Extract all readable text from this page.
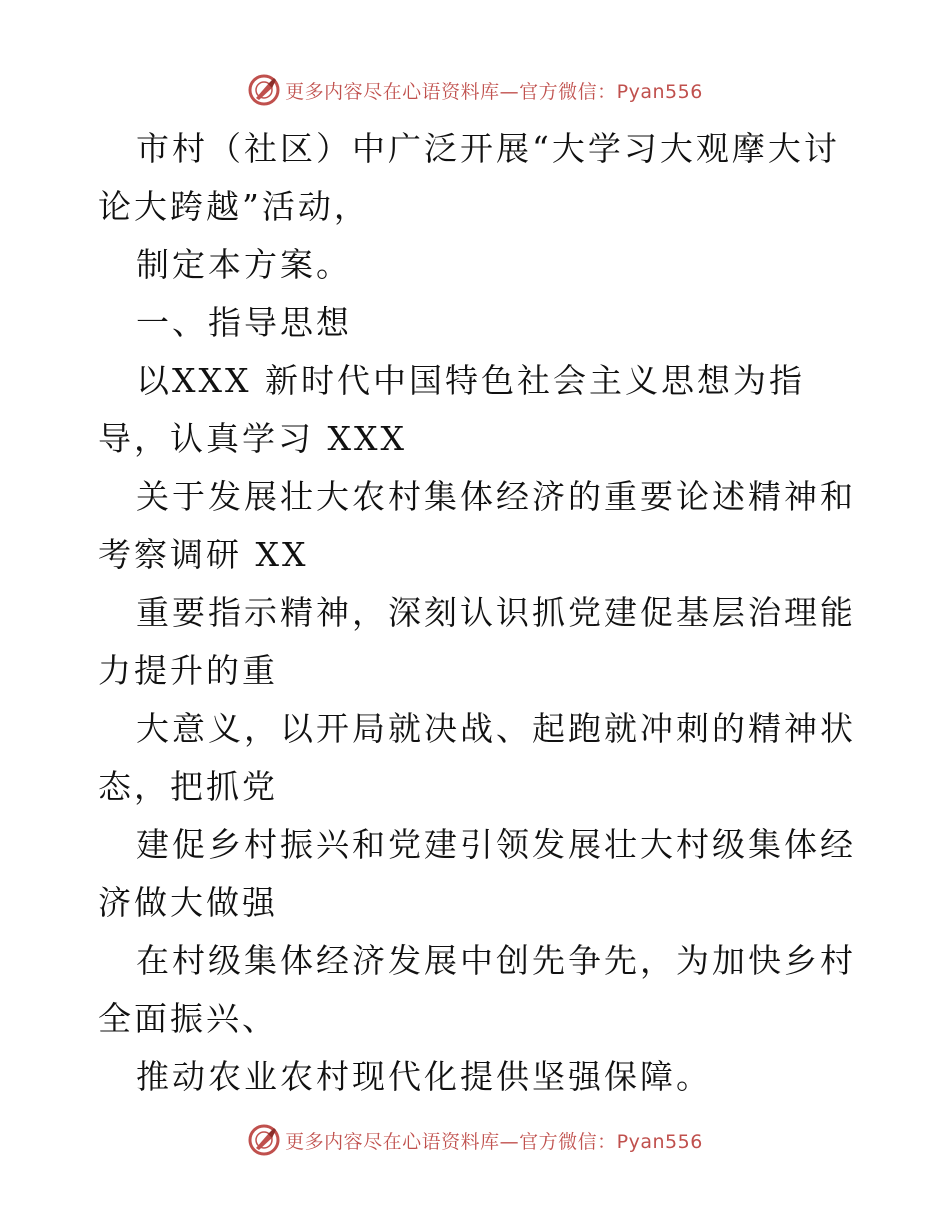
更多内容尽在心语资料库—官方微信：Pyan556

市村（社区）中广泛开展“大学习大观摩大讨论大跨越”活动，

制定本方案。

一、指导思想

以XXX 新时代中国特色社会主义思想为指导，认真学习 XXX

关于发展壮大农村集体经济的重要论述精神和考察调研 XX

重要指示精神，深刻认识抓党建促基层治理能力提升的重

大意义，以开局就决战、起跑就冲刺的精神状态，把抓党

建促乡村振兴和党建引领发展壮大村级集体经济做大做强

在村级集体经济发展中创先争先，为加快乡村全面振兴、

推动农业农村现代化提供坚强保障。

更多内容尽在心语资料库—官方微信：Pyan556
